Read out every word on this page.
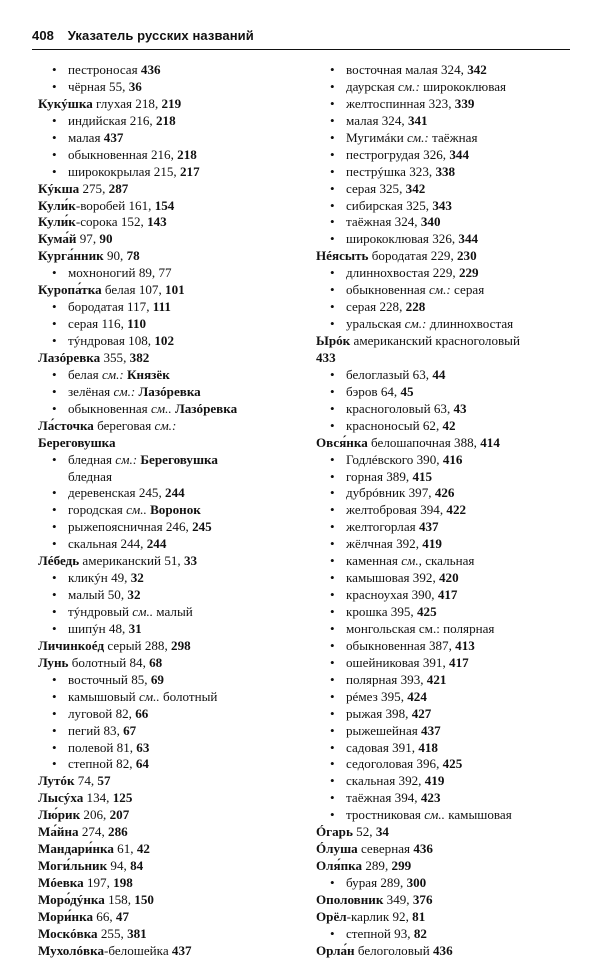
408 Указатель русских названий
• пестроносая 436
• чёрная 55, 36
Кукýшка глухая 218, 219
• индийская 216, 218
• малая 437
• обыкновенная 216, 218
• ширококрылая 215, 217
Кýкша 275, 287
Кули́к-воробей 161, 154
Кули́к-сорока 152, 143
Кума́й 97, 90
Курга́нник 90, 78
• мохноногий 89, 77
Куропа́тка белая 107, 101
• бородатая 117, 111
• серая 116, 110
• тýндровая 108, 102
Лазóревка 355, 382
• белая см.: Князёк
• зелёная см.: Лазóревка
• обыкновенная см.. Лазóревка
Ла́сточка береговая см.:
Береговушка
• бледная см.: Береговушка
бледная
• деревенская 245, 244
• городская см.. Воронок
• рыжепоясничная 246, 245
• скальная 244, 244
Лéбедь американский 51, 33
• кликýн 49, 32
• малый 50, 32
• тýндровый см.. малый
• шипýн 48, 31
Личинкоéд серый 288, 298
Лунь болотный 84, 68
• восточный 85, 69
• камышовый см.. болотный
• луговой 82, 66
• пегий 83, 67
• полевой 81, 63
• степной 82, 64
Лутóк 74, 57
Лысýха 134, 125
Лю́рик 206, 207
Ма́йна 274, 286
Мандари́нка 61, 42
Моги́льник 94, 84
Мóевка 197, 198
Моро́дýнка 158, 150
Мори́нка 66, 47
Москóвка 255, 381
Мухолóвка-белошейка 437
• восточная малая 324, 342
• даурская см.: ширококлювая
• желтоспинная 323, 339
• малая 324, 341
• Мугимáки см.: таёжная
• пестрогрудая 326, 344
• пестрýшка 323, 338
• серая 325, 342
• сибирская 325, 343
• таёжная 324, 340
• ширококлювая 326, 344
Нéясыть бородатая 229, 230
• длиннохвостая 229, 229
• обыкновенная см.: серая
• серая 228, 228
• уральская см.: длиннохвостая
Ырóк американский красноголовый
433
• белоглазый 63, 44
• бэров 64, 45
• красноголовый 63, 43
• красноносый 62, 42
Овся́нка белошапочная 388, 414
• Годлéвского 390, 416
• горная 389, 415
• дубрóвник 397, 426
• желтобровая 394, 422
• желтогорлая 437
• жёлчная 392, 419
• каменная см., скальная
• камышовая 392, 420
• красноухая 390, 417
• крошка 395, 425
• монгольская см.: полярная
• обыкновенная 387, 413
• ошейниковая 391, 417
• полярная 393, 421
• рéмез 395, 424
• рыжая 398, 427
• рыжешейная 437
• садовая 391, 418
• седоголовая 396, 425
• скальная 392, 419
• таёжная 394, 423
• тростниковая см.. камышовая
Óгарь 52, 34
Óлуша северная 436
Оля́пка 289, 299
• бурая 289, 300
Ополовник 349, 376
Орёл-карлик 92, 81
• степной 93, 82
Орла́н белоголовый 436
